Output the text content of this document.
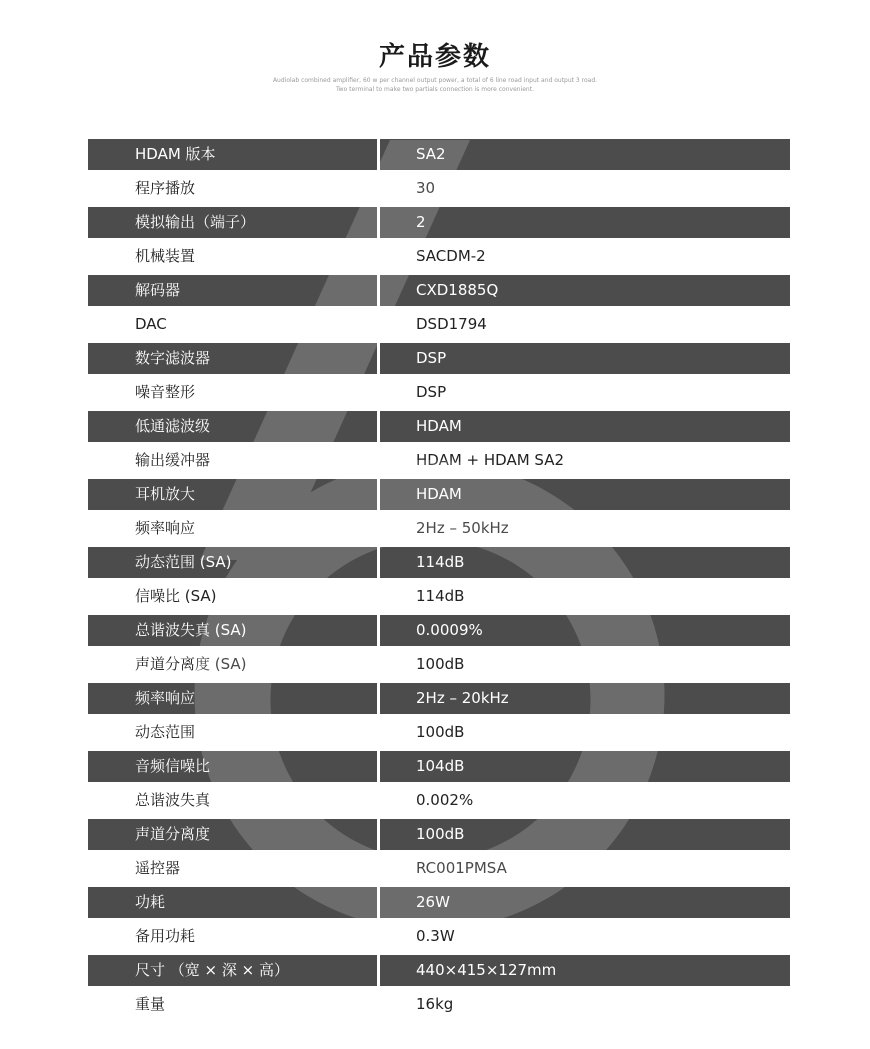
产品参数
Audiolab combined amplifier, 60 w per channel output power, a total of 6 line road input and output 3 road.
Two terminal to make two partials connection is more convenient.
HDAM 版本	SA2
程序播放	30
模拟输出（端子）	2
机械装置	SACDM-2
解码器	CXD1885Q
DAC	DSD1794
数字滤波器	DSP
噪音整形	DSP
低通滤波级	HDAM
输出缓冲器	HDAM + HDAM SA2
耳机放大	HDAM
频率响应	2Hz – 50kHz
动态范围 (SA)	114dB
信噪比 (SA)	114dB
总谐波失真 (SA)	0.0009%
声道分离度 (SA)	100dB
频率响应	2Hz – 20kHz
动态范围	100dB
音频信噪比	104dB
总谐波失真	0.002%
声道分离度	100dB
遥控器	RC001PMSA
功耗	26W
备用功耗	0.3W
尺寸 （宽 × 深 × 高）	440×415×127mm
重量	16kg
